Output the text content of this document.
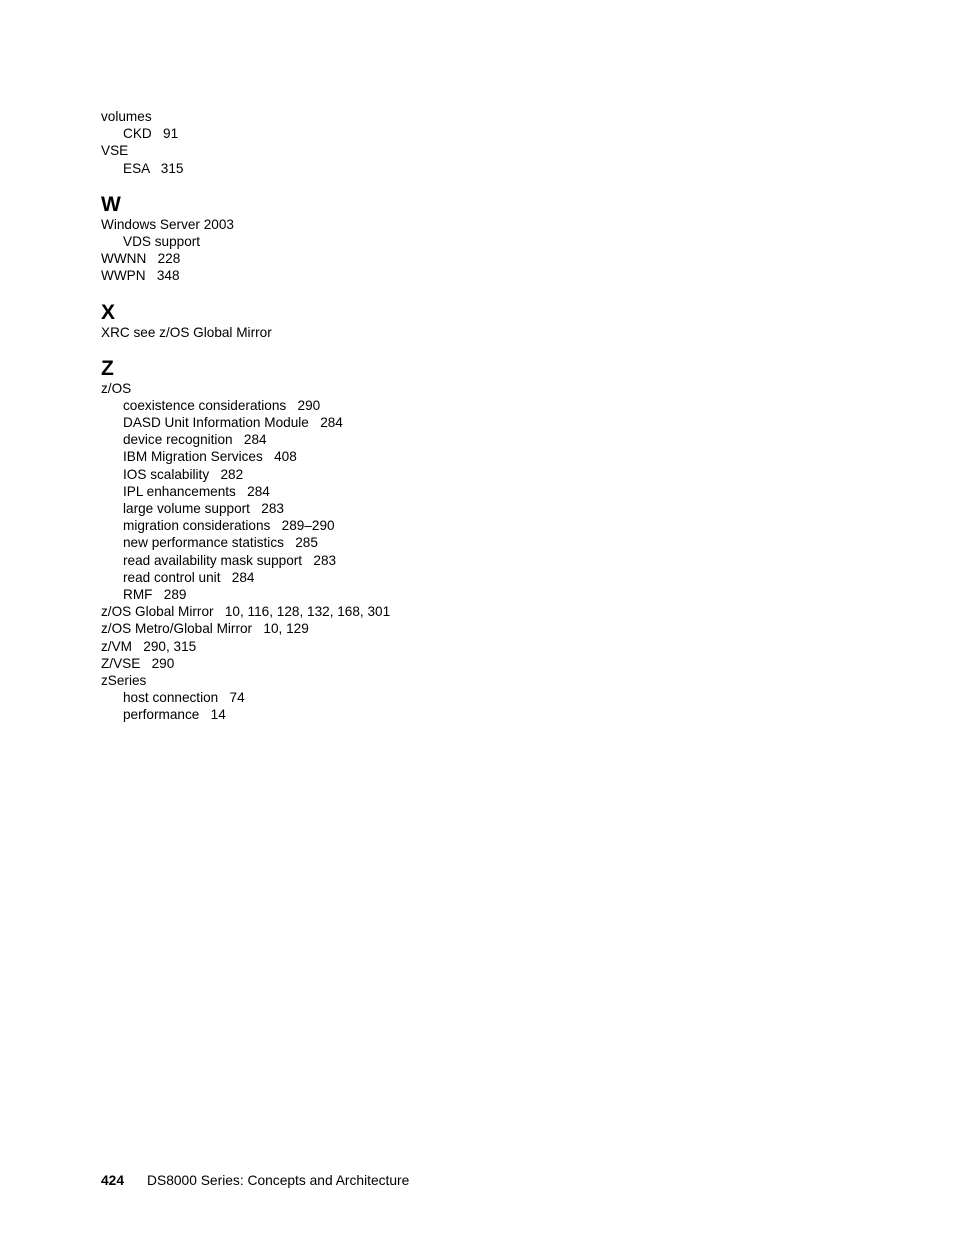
volumes
CKD   91
VSE
ESA   315
W
Windows Server 2003
VDS support
WWNN   228
WWPN   348
X
XRC see z/OS Global Mirror
Z
z/OS
coexistence considerations   290
DASD Unit Information Module   284
device recognition   284
IBM Migration Services   408
IOS scalability   282
IPL enhancements   284
large volume support   283
migration considerations   289–290
new performance statistics   285
read availability mask support   283
read control unit   284
RMF   289
z/OS Global Mirror   10, 116, 128, 132, 168, 301
z/OS Metro/Global Mirror   10, 129
z/VM   290, 315
Z/VSE   290
zSeries
host connection   74
performance   14
424 DS8000 Series: Concepts and Architecture
